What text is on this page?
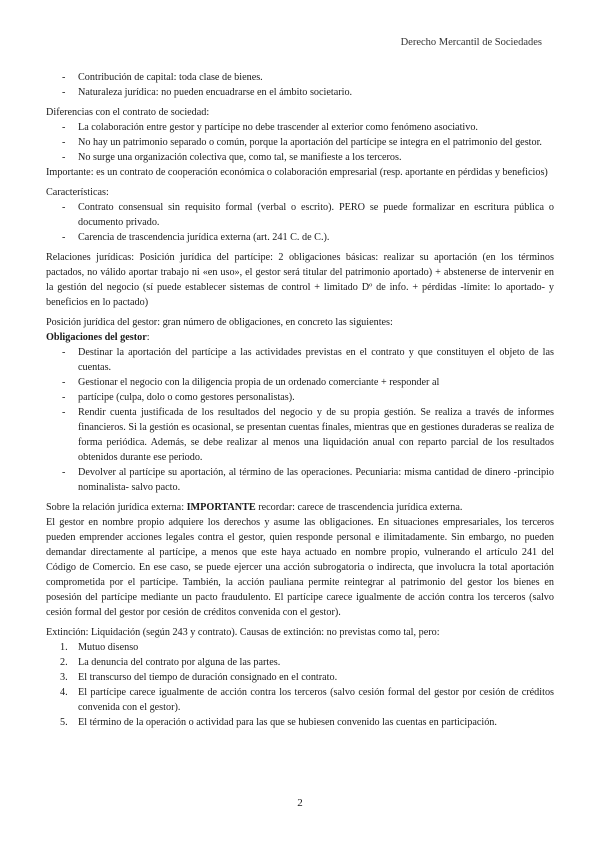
Derecho Mercantil de Sociedades
- Contribución de capital: toda clase de bienes.
- Naturaleza jurídica: no pueden encuadrarse en el ámbito societario.

Diferencias con el contrato de sociedad:

- La colaboración entre gestor y partícipe no debe trascender al exterior como fenómeno asociativo.
- No hay un patrimonio separado o común, porque la aportación del partícipe se integra en el patrimonio del gestor.
- No surge una organización colectiva que, como tal, se manifieste a los terceros.

Importante: es un contrato de cooperación económica o colaboración empresarial (resp. aportante en pérdidas y beneficios)

Características:

- Contrato consensual sin requisito formal (verbal o escrito). PERO se puede formalizar en escritura pública o documento privado.
- Carencia de trascendencia jurídica externa (art. 241 C. de C.).

Relaciones jurídicas: Posición jurídica del partícipe: 2 obligaciones básicas: realizar su aportación (en los términos pactados, no válido aportar trabajo ni «en uso», el gestor será titular del patrimonio aportado) + abstenerse de intervenir en la gestión del negocio (sí puede establecer sistemas de control + limitado Dº de info. + pérdidas -límite: lo aportado- y beneficios en lo pactado)

Posición jurídica del gestor: gran número de obligaciones, en concreto las siguientes:

Obligaciones del gestor:

- Destinar la aportación del partícipe a las actividades previstas en el contrato y que constituyen el objeto de las cuentas.
- Gestionar el negocio con la diligencia propia de un ordenado comerciante + responder al
- partícipe (culpa, dolo o como gestores personalistas).
- Rendir cuenta justificada de los resultados del negocio y de su propia gestión. Se realiza a través de informes financieros. Si la gestión es ocasional, se presentan cuentas finales, mientras que en gestiones duraderas se realiza de forma periódica. Además, se debe realizar al menos una liquidación anual con reparto parcial de los resultados obtenidos durante ese periodo.
- Devolver al partícipe su aportación, al término de las operaciones. Pecuniaria: misma cantidad de dinero -principio nominalista- salvo pacto.

Sobre la relación jurídica externa: IMPORTANTE recordar: carece de trascendencia jurídica externa.

El gestor en nombre propio adquiere los derechos y asume las obligaciones. En situaciones empresariales, los terceros pueden emprender acciones legales contra el gestor, quien responde personal e ilimitadamente. Sin embargo, no pueden demandar directamente al partícipe, a menos que este haya actuado en nombre propio, vulnerando el artículo 241 del Código de Comercio. En ese caso, se puede ejercer una acción subrogatoria o indirecta, que involucra la total aportación comprometida por el partícipe. También, la acción pauliana permite reintegrar al patrimonio del gestor los bienes en posesión del partícipe mediante un pacto fraudulento. El partícipe carece igualmente de acción contra los terceros (salvo cesión formal del gestor por cesión de créditos convenida con el gestor).

Extinción: Liquidación (según 243 y contrato). Causas de extinción: no previstas como tal, pero:

1. Mutuo disenso
2. La denuncia del contrato por alguna de las partes.
3. El transcurso del tiempo de duración consignado en el contrato.
4. El partícipe carece igualmente de acción contra los terceros (salvo cesión formal del gestor por cesión de créditos convenida con el gestor).
5. El término de la operación o actividad para las que se hubiesen convenido las cuentas en participación.
2
